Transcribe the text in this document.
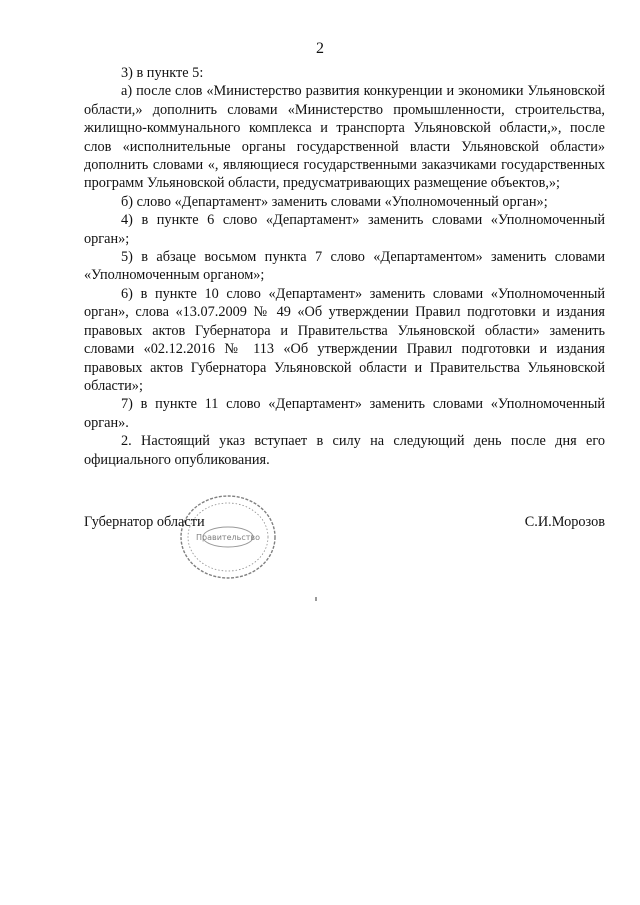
2

3) в пункте 5:

а) после слов «Министерство развития конкуренции и экономики Ульяновской области,» дополнить словами «Министерство промышленности, строительства, жилищно-коммунального комплекса и транспорта Ульяновской области,», после слов «исполнительные органы государственной власти Ульяновской области» дополнить словами «, являющиеся государственными заказчиками государственных программ Ульяновской области, предусматривающих размещение объектов,»;

б) слово «Департамент» заменить словами «Уполномоченный орган»;

4) в пункте 6 слово «Департамент» заменить словами «Уполномоченный орган»;

5) в абзаце восьмом пункта 7 слово «Департаментом» заменить словами «Уполномоченным органом»;

6) в пункте 10 слово «Департамент» заменить словами «Уполномоченный орган», слова «13.07.2009 № 49 «Об утверждении Правил подготовки и издания правовых актов Губернатора и Правительства Ульяновской области» заменить словами «02.12.2016 № 113 «Об утверждении Правил подготовки и издания правовых актов Губернатора Ульяновской области и Правительства Ульяновской области»;

7) в пункте 11 слово «Департамент» заменить словами «Уполномоченный орган».

2. Настоящий указ вступает в силу на следующий день после дня его официального опубликования.

Правительство
Губернатор области	С.И.Морозов
